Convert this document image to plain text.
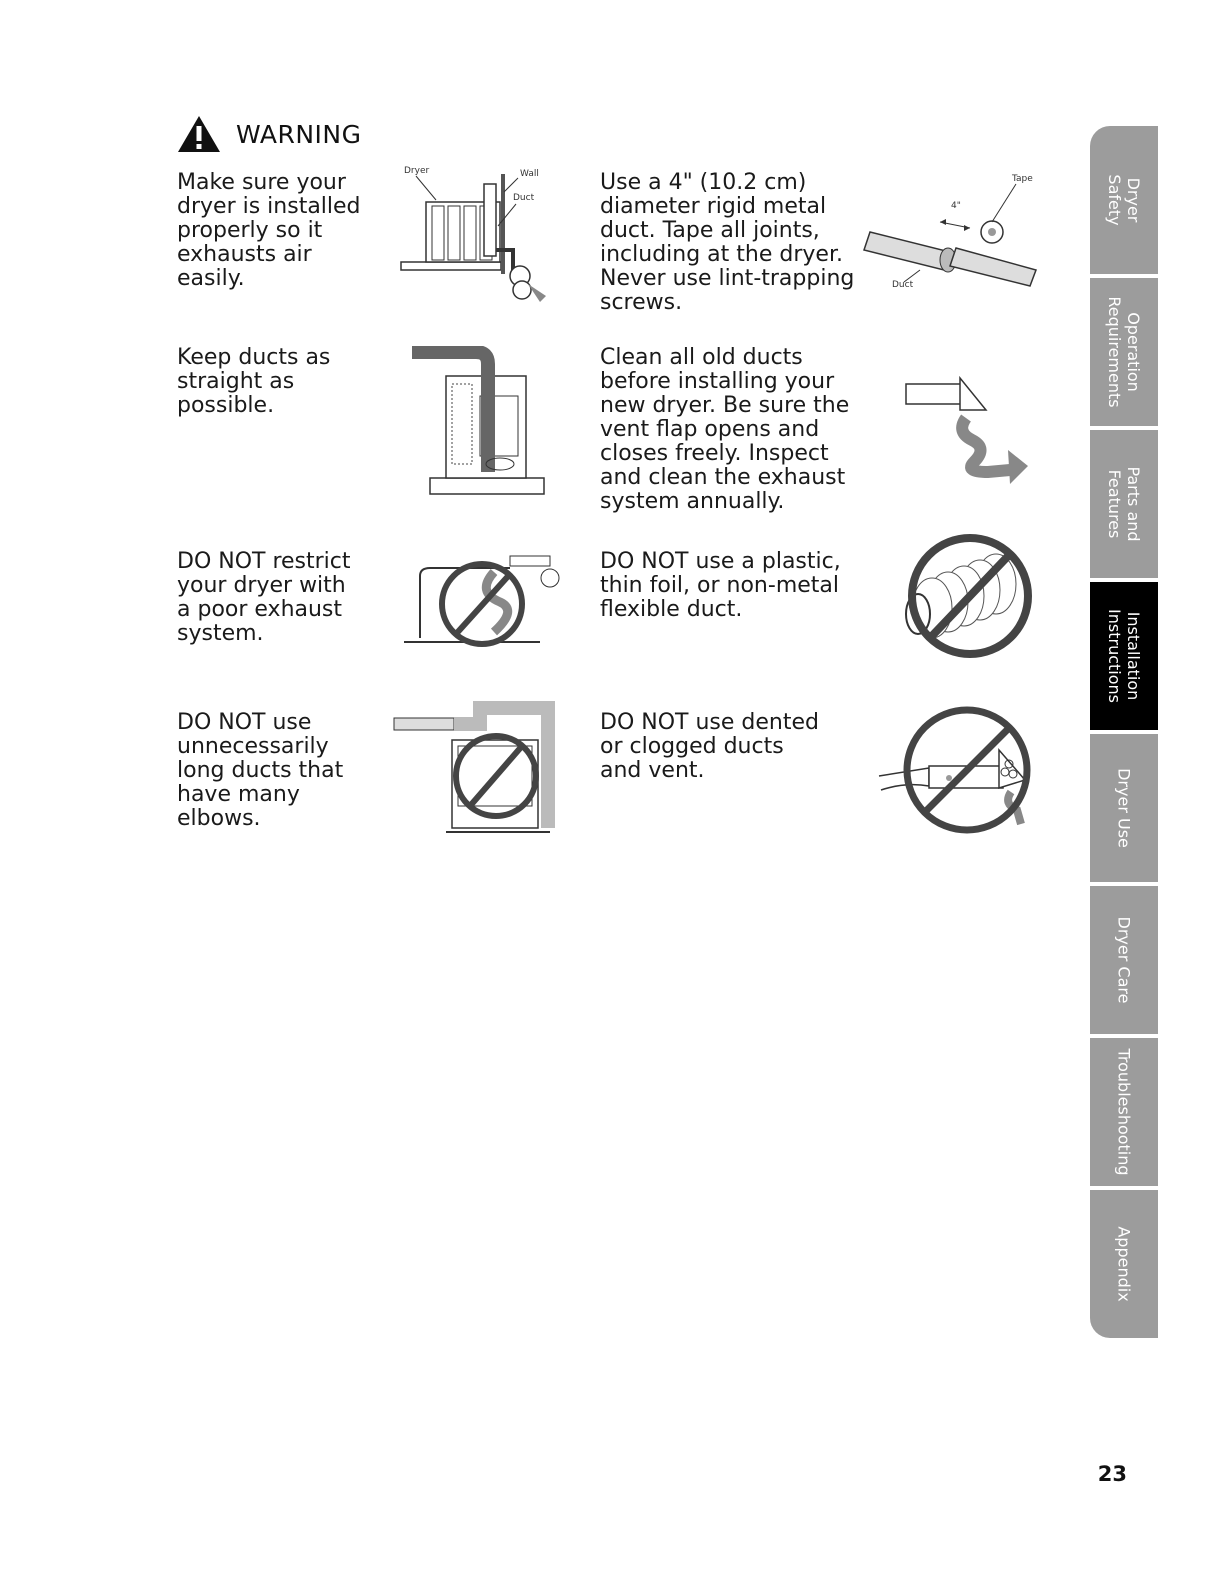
WARNING
Make sure your
dryer is installed
properly so it
exhausts air
easily.
Dryer	Wall
Duct
Use a 4" (10.2 cm)
diameter rigid metal
duct. Tape all joints,
including at the dryer.
Never use lint-trapping
screws.
Tape
4"
Duct
Keep ducts as
straight as
possible.
Clean all old ducts
before installing your
new dryer. Be sure the
vent flap opens and
closes freely. Inspect
and clean the exhaust
system annually.
DO NOT restrict
your dryer with
a poor exhaust
system.
DO NOT use a plastic,
thin foil, or non-metal
flexible duct.
DO NOT use
unnecessarily
long ducts that
have many
elbows.
DO NOT use dented
or clogged ducts
and vent.
Dryer
Safety
Operation
Requirements
Parts and
Features
Installation
Instructions
Dryer Use
Dryer Care
Troubleshooting
Appendix
23
